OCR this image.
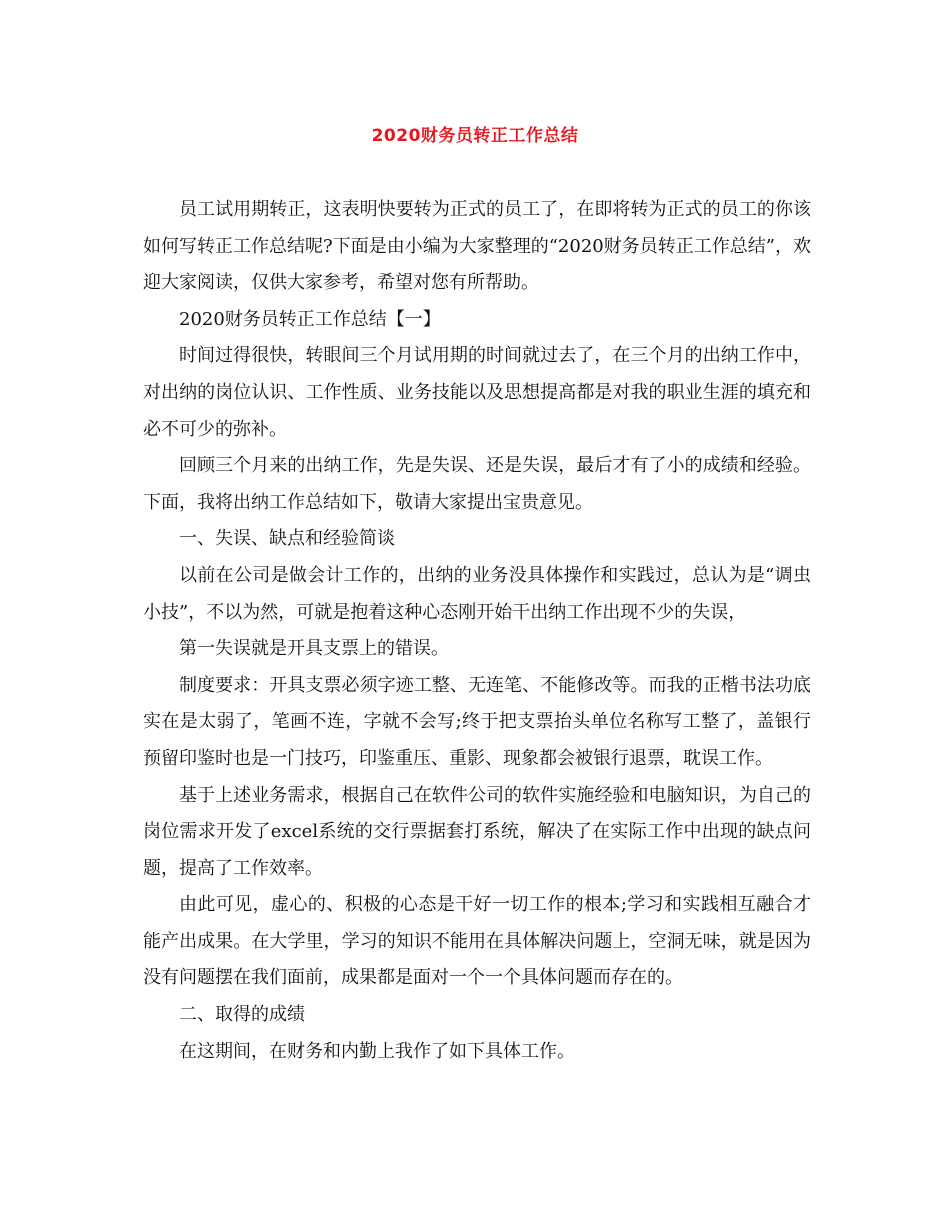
2020财务员转正工作总结

员工试用期转正，这表明快要转为正式的员工了，在即将转为正式的员工的你该如何写转正工作总结呢?下面是由小编为大家整理的“2020财务员转正工作总结”，欢迎大家阅读，仅供大家参考，希望对您有所帮助。

2020财务员转正工作总结【一】

时间过得很快，转眼间三个月试用期的时间就过去了，在三个月的出纳工作中，对出纳的岗位认识、工作性质、业务技能以及思想提高都是对我的职业生涯的填充和必不可少的弥补。

回顾三个月来的出纳工作，先是失误、还是失误，最后才有了小的成绩和经验。下面，我将出纳工作总结如下，敬请大家提出宝贵意见。

一、失误、缺点和经验简谈

以前在公司是做会计工作的，出纳的业务没具体操作和实践过，总认为是“调虫小技”，不以为然，可就是抱着这种心态刚开始干出纳工作出现不少的失误，

第一失误就是开具支票上的错误。

制度要求：开具支票必须字迹工整、无连笔、不能修改等。而我的正楷书法功底实在是太弱了，笔画不连，字就不会写;终于把支票抬头单位名称写工整了，盖银行预留印鉴时也是一门技巧，印鉴重压、重影、现象都会被银行退票，耽误工作。

基于上述业务需求，根据自己在软件公司的软件实施经验和电脑知识，为自己的岗位需求开发了excel系统的交行票据套打系统，解决了在实际工作中出现的缺点问题，提高了工作效率。

由此可见，虚心的、积极的心态是干好一切工作的根本;学习和实践相互融合才能产出成果。在大学里，学习的知识不能用在具体解决问题上，空洞无味，就是因为没有问题摆在我们面前，成果都是面对一个一个具体问题而存在的。

二、取得的成绩

在这期间，在财务和内勤上我作了如下具体工作。
